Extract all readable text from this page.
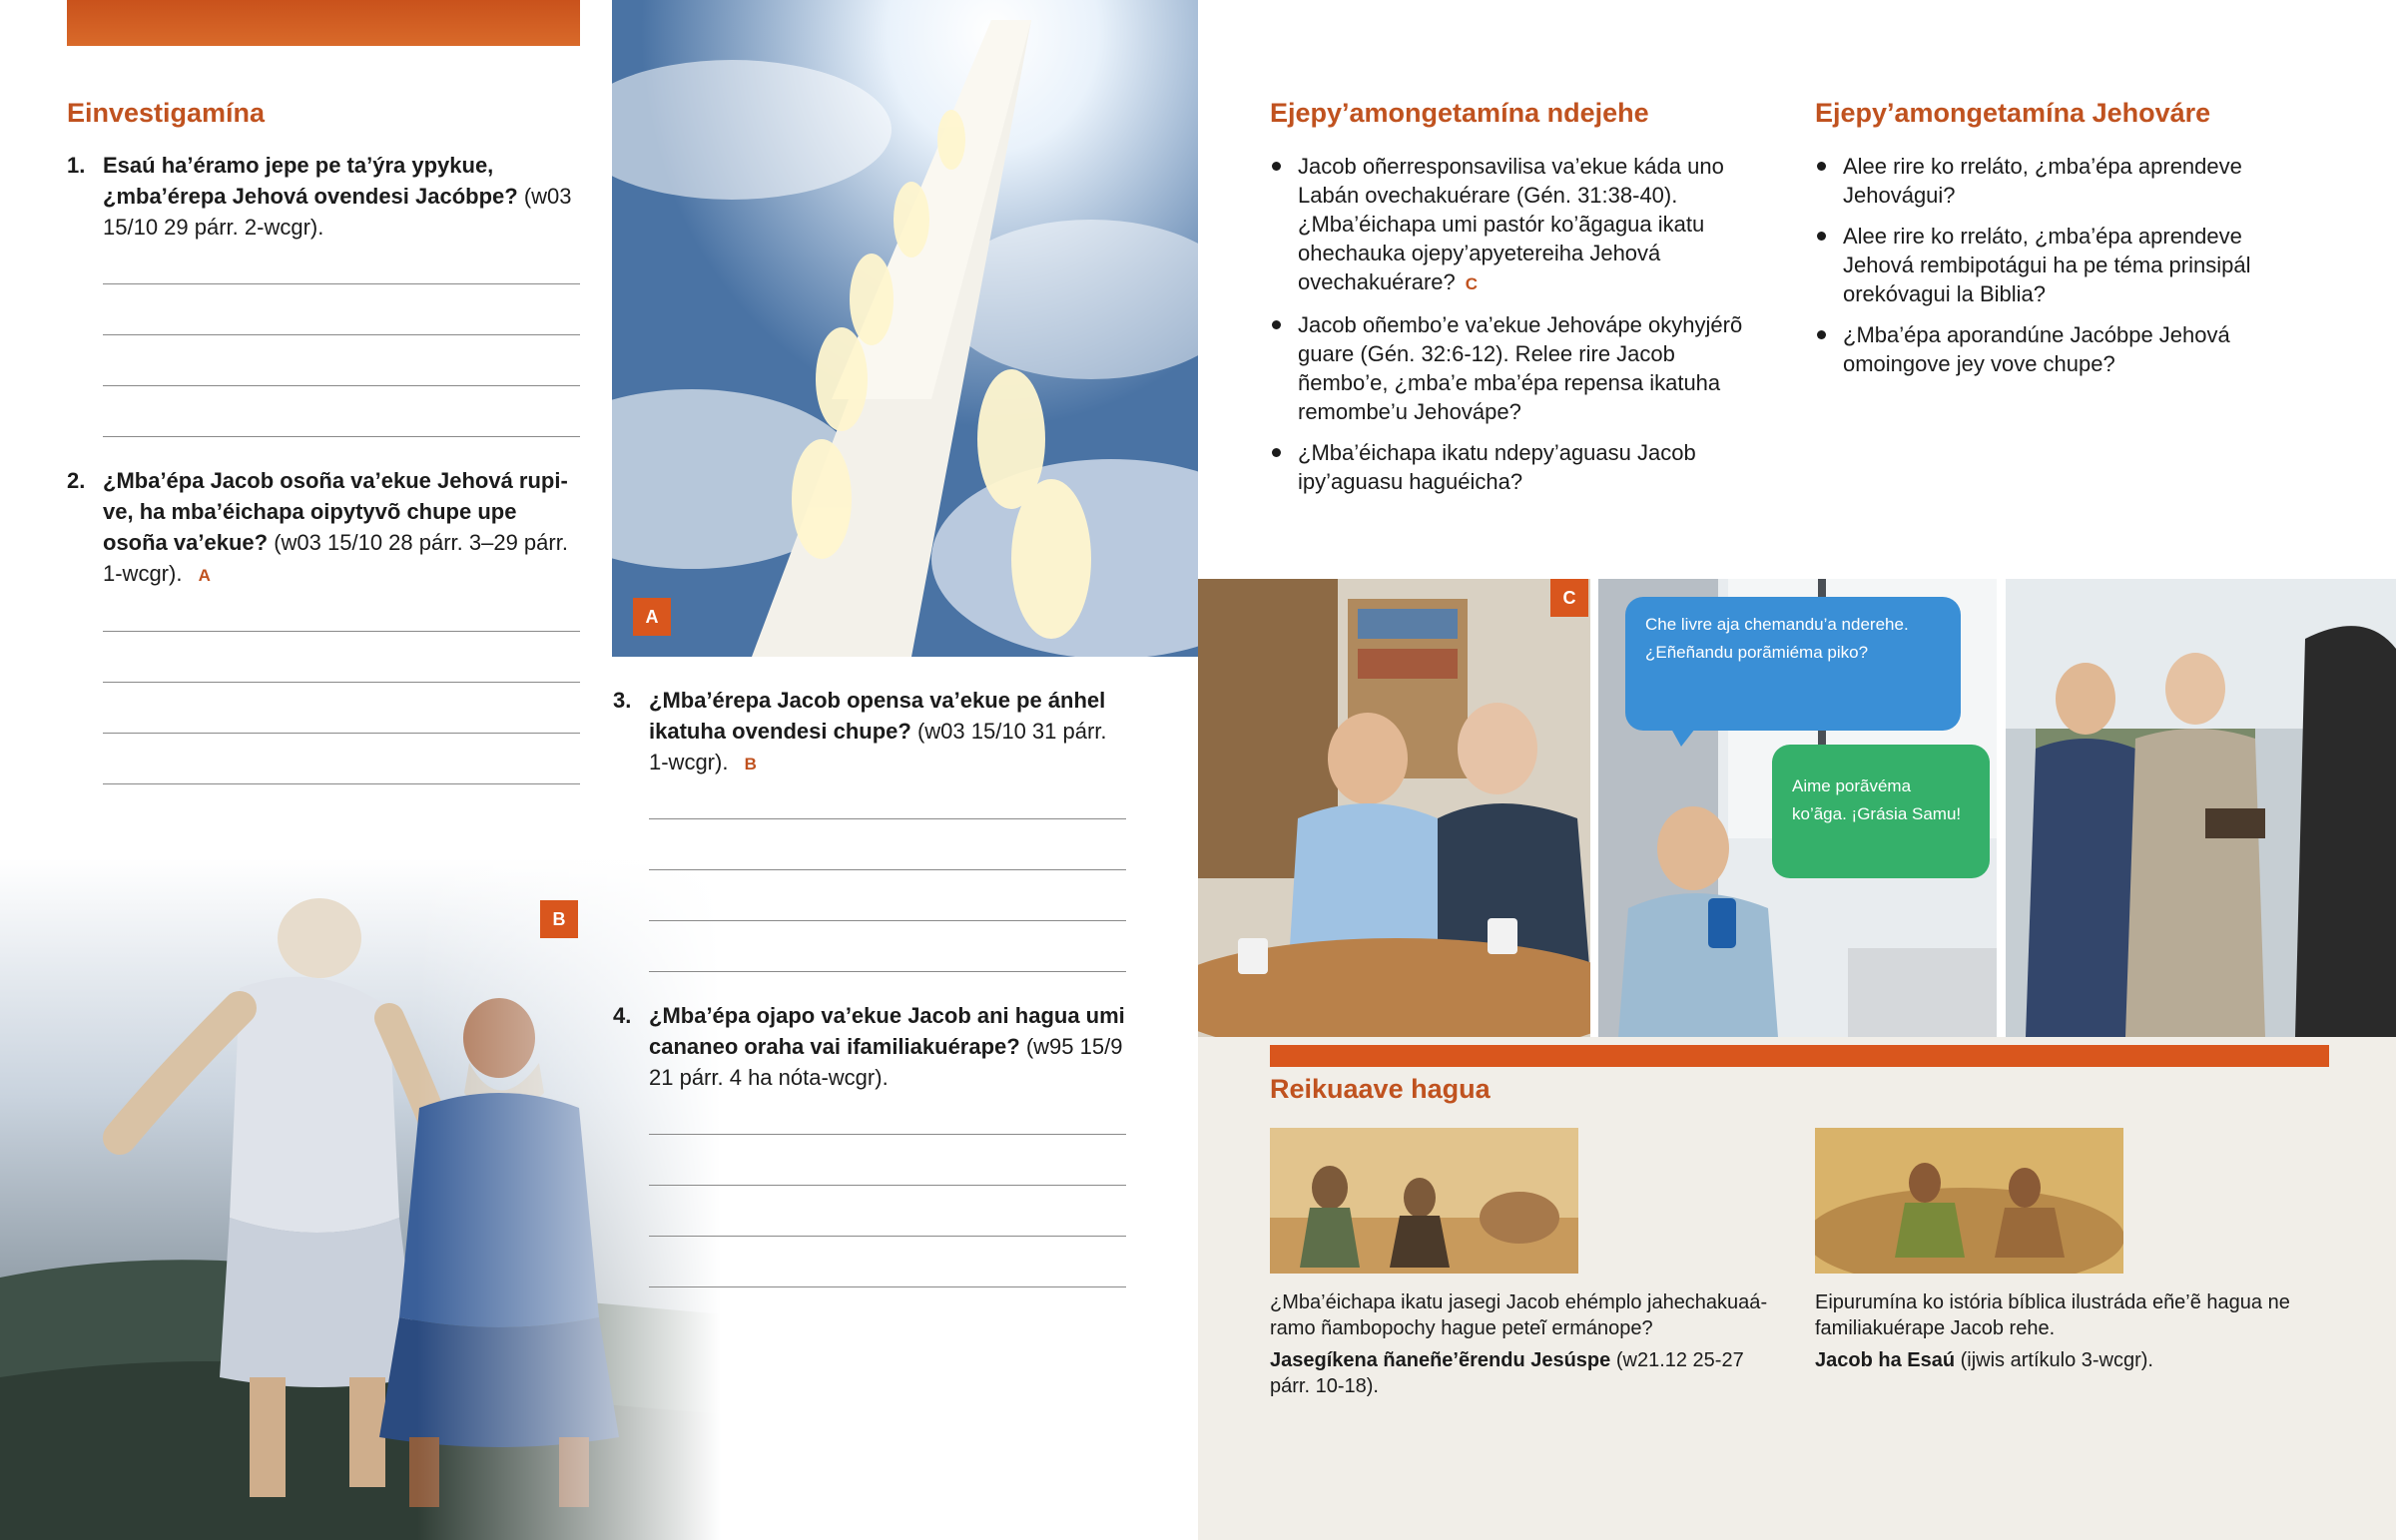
Einvestigamína
1. Esaú ha’éramo jepe pe ta’ýra ypykue, ¿mba’érepa Jehová ovendesi Jacóbpe? (w03 15/10 29 párr. 2-wcgr).
2. ¿Mba’épa Jacob osoña va’ekue Jehová rupive, ha mba’éichapa oipytyvõ chupe upe osoña va’ekue? (w03 15/10 28 párr. 3–29 párr. 1-wcgr). A
B
A
3. ¿Mba’érepa Jacob opensa va’ekue pe ánhel ikatuha ovendesi chupe? (w03 15/10 31 párr. 1-wcgr). B
4. ¿Mba’épa ojapo va’ekue Jacob ani hagua umi cananeo oraha vai ifamiliakuérape? (w95 15/9 21 párr. 4 ha nóta-wcgr).
Ejepy’amongetamína ndejehe
Jacob oñerresponsavilisa va’ekue káda uno Labán ovechakuérare (Gén. 31:38-40). ¿Mba’éichapa umi pastór ko’ãgagua ikatu ohechauka ojepy’apyetereiha Jehová ovechakuérare? C
Jacob oñembo’e va’ekue Jehovápe okyhyjérõ guare (Gén. 32:6-12). Relee rire Jacob ñembo’e, ¿mba’e mba’épa repensa ikatuha remombe’u Jehovápe?
¿Mba’éichapa ikatu ndepy’aguasu Jacob ipy’aguasu haguéicha?
Ejepy’amongetamína Jehováre
Alee rire ko rreláto, ¿mba’épa aprendeve Jehovágui?
Alee rire ko rreláto, ¿mba’épa aprendeve Jehová rembipotágui ha pe téma prinsipál orekóvagui la Biblia?
¿Mba’épa aporandúne Jacóbpe Jehová omoingove jey vove chupe?
C
Che livre aja chemandu’a nderehe. ¿Eñeñandu porãmiéma piko?
Aime porãvéma ko’ãga. ¡Grásia Samu!
Reikuaave hagua
¿Mba’éichapa ikatu jasegi Jacob ehémplo jahechakuaáramo ñambopochy hague peteĩ ermánope?
Jasegíkena ñaneñe’ẽrendu Jesúspe (w21.12 25-27 párr. 10-18).
Eipurumína ko istória bíblica ilustráda eñe’ẽ hagua ne familiakuérape Jacob rehe.
Jacob ha Esaú (ijwis artíkulo 3-wcgr).
